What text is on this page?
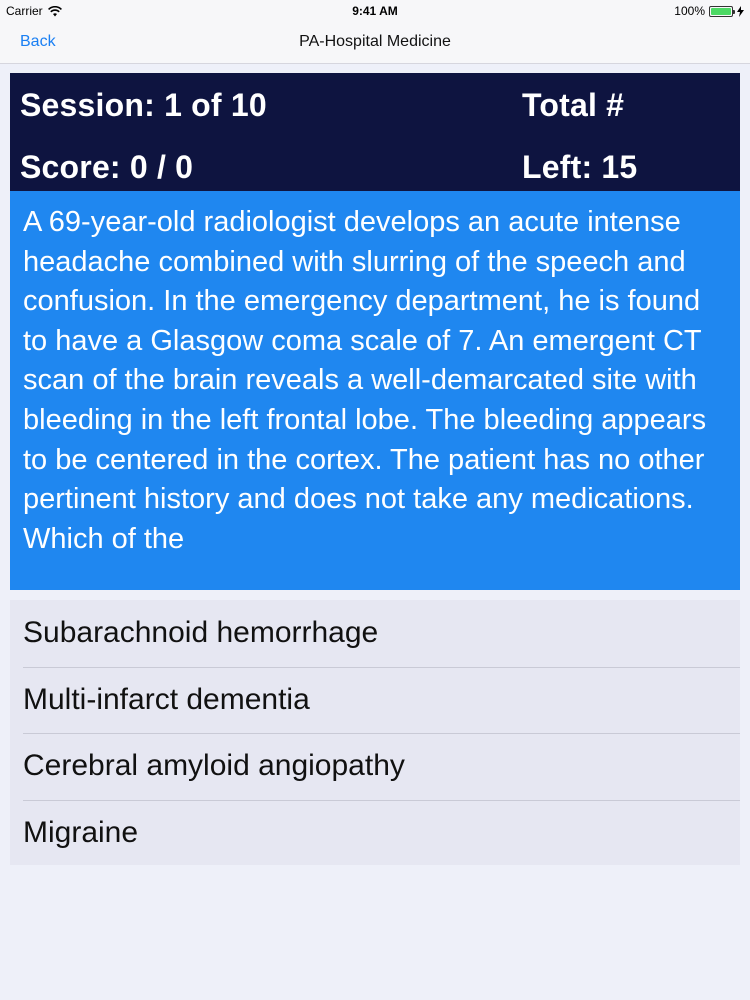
Carrier	9:41 AM	100%
Back	PA-Hospital Medicine
Session: 1 of 10	Total #
Score: 0 / 0	Left: 15
A 69-year-old radiologist develops an acute intense headache combined with slurring of the speech and confusion. In the emergency department, he is found to have a Glasgow coma scale of 7. An emergent CT scan of the brain reveals a well-demarcated site with bleeding in the left frontal lobe. The bleeding appears to be centered in the cortex. The patient has no other pertinent history and does not take any medications. Which of the
Subarachnoid hemorrhage
Multi-infarct dementia
Cerebral amyloid angiopathy
Migraine
